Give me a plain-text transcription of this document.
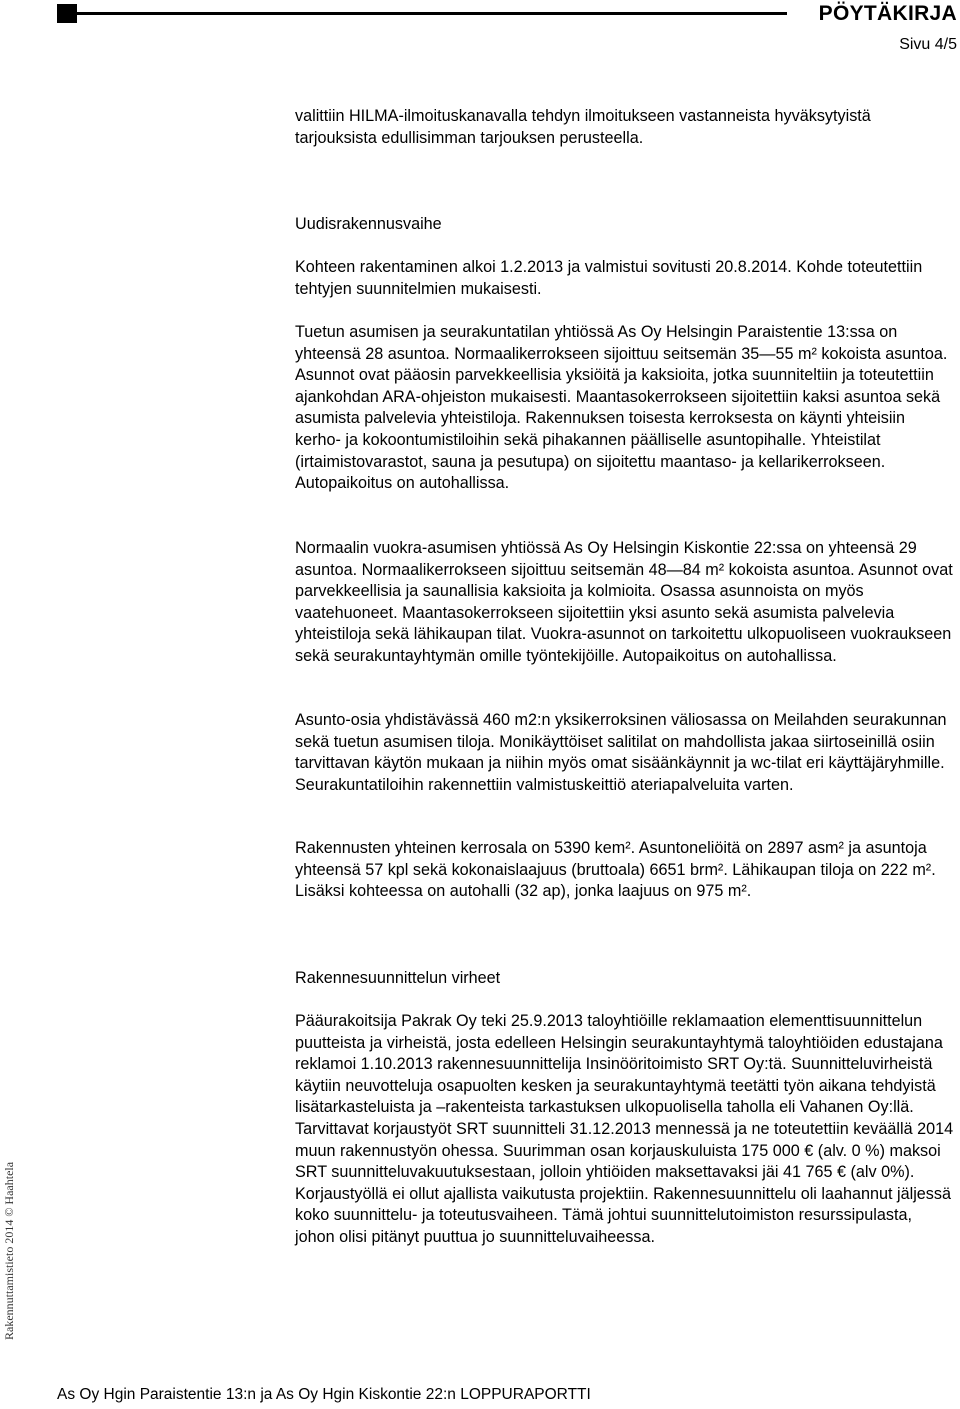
PÖYTÄKIRJA
Sivu 4/5

valittiin HILMA-ilmoituskanavalla tehdyn ilmoitukseen vastanneista hyväksytyistä tarjouksista edullisimman tarjouksen perusteella.

Uudisrakennusvaihe

Kohteen rakentaminen alkoi 1.2.2013 ja valmistui sovitusti 20.8.2014. Kohde toteutettiin tehtyjen suunnitelmien mukaisesti.

Tuetun asumisen ja seurakuntatilan yhtiössä As Oy Helsingin Paraistentie 13:ssa on yhteensä 28 asuntoa. Normaalikerrokseen sijoittuu seitsemän 35—55 m² kokoista asuntoa. Asunnot ovat pääosin parvekkeellisia yksiöitä ja kaksioita, jotka suunniteltiin ja toteutettiin ajankohdan ARA-ohjeiston mukaisesti. Maantasokerrokseen sijoitettiin kaksi asuntoa sekä asumista palvelevia yhteistiloja. Rakennuksen toisesta kerroksesta on käynti yhteisiin kerho- ja kokoontumistiloihin sekä pihakannen päälliselle asuntopihalle. Yhteistilat (irtaimistovarastot, sauna ja pesutupa) on sijoitettu maantaso- ja kellarikerrokseen. Autopaikoitus on autohallissa.

Normaalin vuokra-asumisen yhtiössä As Oy Helsingin Kiskontie 22:ssa on yhteensä 29 asuntoa. Normaalikerrokseen sijoittuu seitsemän 48—84 m² kokoista asuntoa. Asunnot ovat parvekkeellisia ja saunallisia kaksioita ja kolmioita. Osassa asunnoista on myös vaatehuoneet. Maantasokerrokseen sijoitettiin yksi asunto sekä asumista palvelevia yhteistiloja sekä lähikaupan tilat. Vuokra-asunnot on tarkoitettu ulkopuoliseen vuokraukseen sekä seurakuntayhtymän omille työntekijöille. Autopaikoitus on autohallissa.

Asunto-osia yhdistävässä 460 m2:n yksikerroksinen väliosassa on Meilahden seurakunnan sekä tuetun asumisen tiloja. Monikäyttöiset salitilat on mahdollista jakaa siirtoseinillä osiin tarvittavan käytön mukaan ja niihin myös omat sisäänkäynnit ja wc-tilat eri käyttäjäryhmille. Seurakuntatiloihin rakennettiin valmistuskeittiö ateriapalveluita varten.

Rakennusten yhteinen kerrosala on 5390 kem². Asuntoneliöitä on 2897 asm² ja asuntoja yhteensä 57 kpl sekä kokonaislaajuus (bruttoala) 6651 brm². Lähikaupan tiloja on 222 m². Lisäksi kohteessa on autohalli (32 ap), jonka laajuus on 975 m².

Rakennesuunnittelun virheet

Pääurakoitsija Pakrak Oy teki 25.9.2013 taloyhtiöille reklamaation elementtisuunnittelun puutteista ja virheistä, josta edelleen Helsingin seurakuntayhtymä taloyhtiöiden edustajana reklamoi 1.10.2013 rakennesuunnittelija Insinööritoimisto SRT Oy:tä. Suunnitteluvirheistä käytiin neuvotteluja osapuolten kesken ja seurakuntayhtymä teetätti työn aikana tehdyistä lisätarkasteluista ja –rakenteista tarkastuksen ulkopuolisella taholla eli Vahanen Oy:llä. Tarvittavat korjaustyöt SRT suunnitteli 31.12.2013 mennessä ja ne toteutettiin keväällä 2014 muun rakennustyön ohessa. Suurimman osan korjauskuluista 175 000 € (alv. 0 %) maksoi SRT suunnitteluvakuutuksestaan, jolloin yhtiöiden maksettavaksi jäi 41 765 € (alv 0%). Korjaustyöllä ei ollut ajallista vaikutusta projektiin. Rakennesuunnittelu oli laahannut jäljessä koko suunnittelu- ja toteutusvaiheen. Tämä johtui suunnittelutoimiston resurssipulasta, johon olisi pitänyt puuttua jo suunnitteluvaiheessa.

Rakennuttamistieto 2014 © Haahtela
As Oy Hgin Paraistentie 13:n ja As Oy Hgin Kiskontie 22:n LOPPURAPORTTI
